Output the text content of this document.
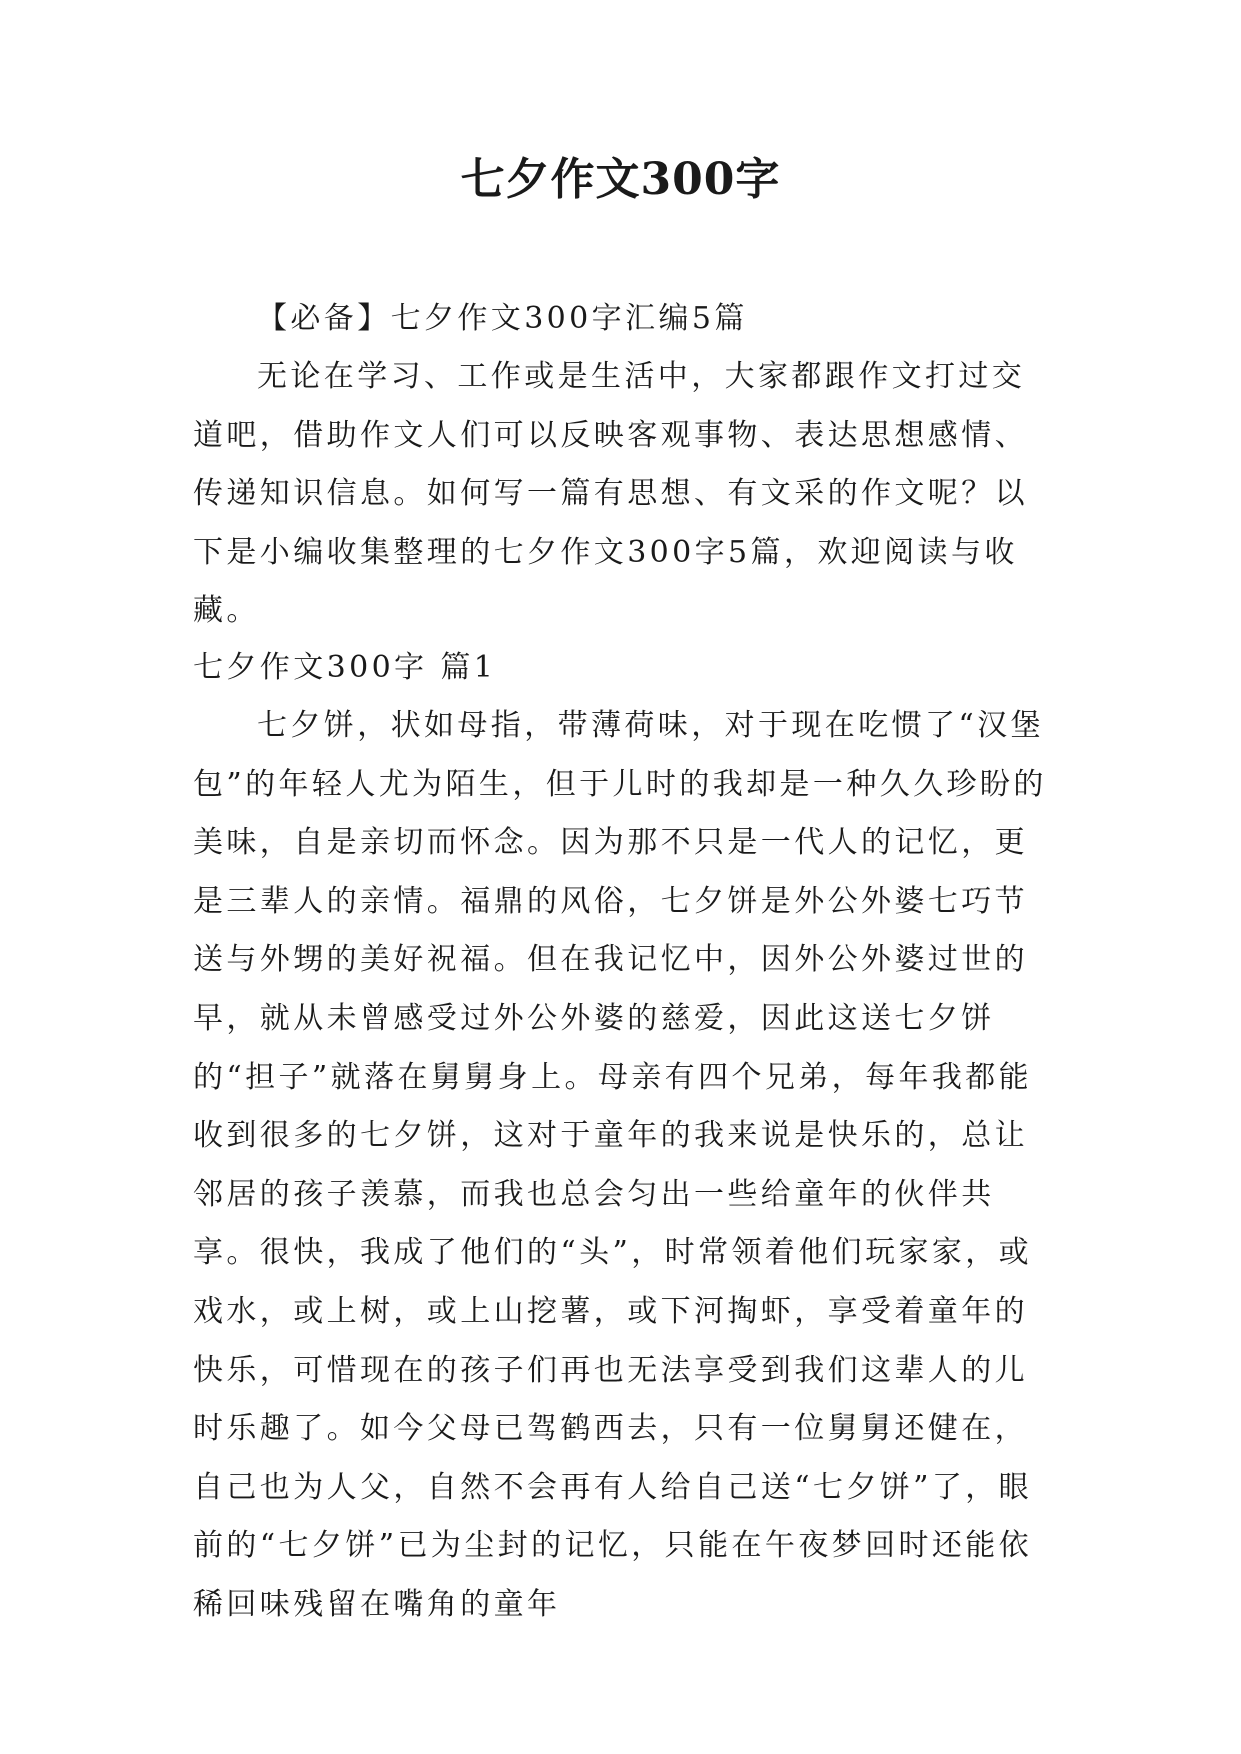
七夕作文300字

【必备】七夕作文300字汇编5篇

无论在学习、工作或是生活中，大家都跟作文打过交道吧，借助作文人们可以反映客观事物、表达思想感情、传递知识信息。如何写一篇有思想、有文采的作文呢？以下是小编收集整理的七夕作文300字5篇，欢迎阅读与收藏。

七夕作文300字 篇1

七夕饼，状如母指，带薄荷味，对于现在吃惯了“汉堡包”的年轻人尤为陌生，但于儿时的我却是一种久久珍盼的美味，自是亲切而怀念。因为那不只是一代人的记忆，更是三辈人的亲情。福鼎的风俗，七夕饼是外公外婆七巧节送与外甥的美好祝福。但在我记忆中，因外公外婆过世的早，就从未曾感受过外公外婆的慈爱，因此这送七夕饼的“担子”就落在舅舅身上。母亲有四个兄弟，每年我都能收到很多的七夕饼，这对于童年的我来说是快乐的，总让邻居的孩子羡慕，而我也总会匀出一些给童年的伙伴共享。很快，我成了他们的“头”，时常领着他们玩家家，或戏水，或上树，或上山挖薯，或下河掏虾，享受着童年的快乐，可惜现在的孩子们再也无法享受到我们这辈人的儿时乐趣了。如今父母已驾鹤西去，只有一位舅舅还健在，自己也为人父，自然不会再有人给自己送“七夕饼”了，眼前的“七夕饼”已为尘封的记忆，只能在午夜梦回时还能依稀回味残留在嘴角的童年
